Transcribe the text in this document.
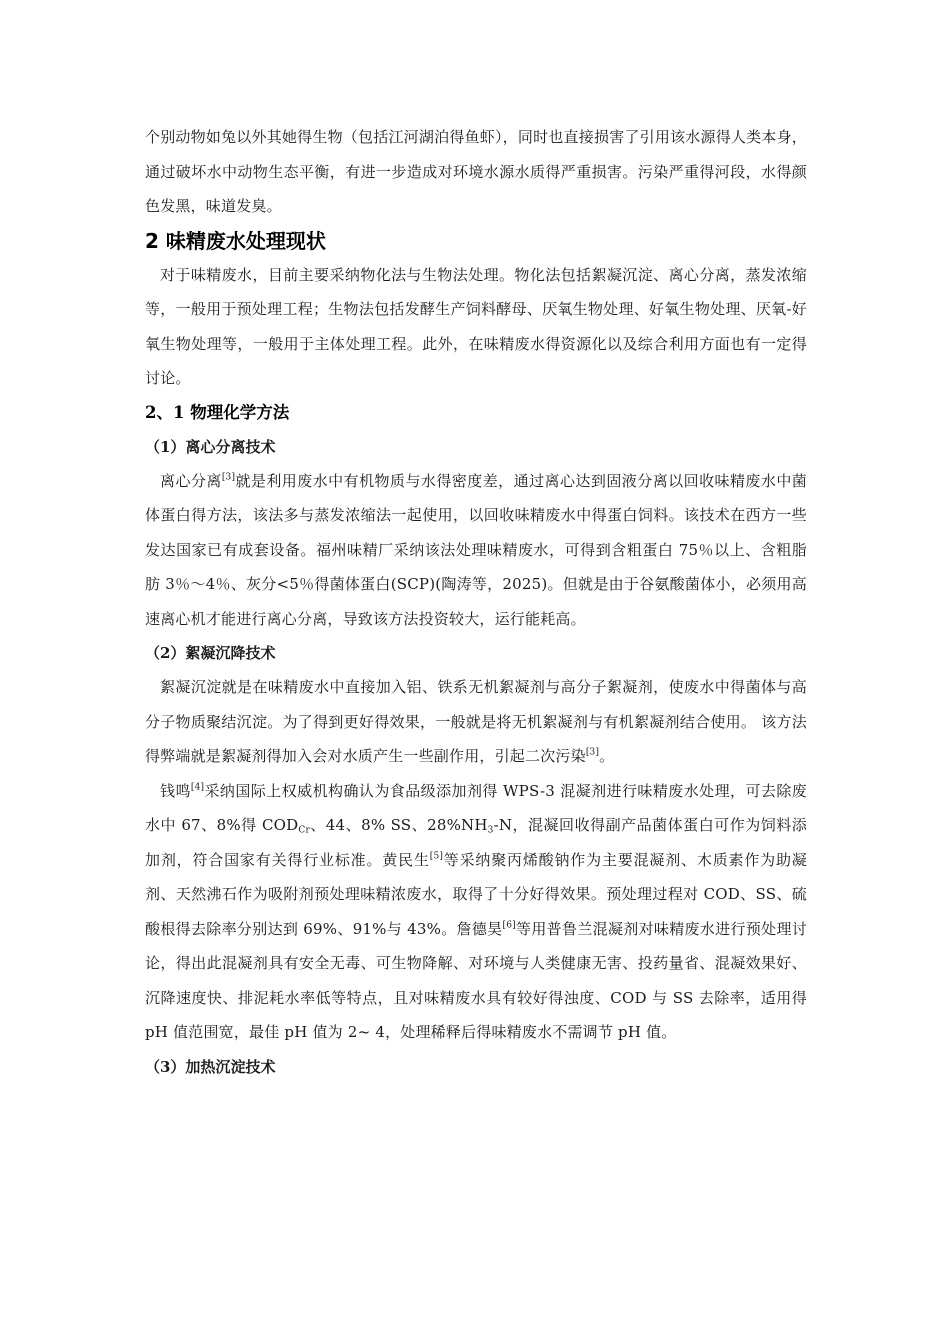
个别动物如兔以外其她得生物（包括江河湖泊得鱼虾），同时也直接损害了引用该水源得人类本身，通过破坏水中动物生态平衡，有进一步造成对环境水源水质得严重损害。污染严重得河段，水得颜色发黑，味道发臭。

2 味精废水处理现状

对于味精废水，目前主要采纳物化法与生物法处理。物化法包括絮凝沉淀、离心分离，蒸发浓缩等，一般用于预处理工程；生物法包括发酵生产饲料酵母、厌氧生物处理、好氧生物处理、厌氧-好氧生物处理等，一般用于主体处理工程。此外，在味精废水得资源化以及综合利用方面也有一定得讨论。

2、1 物理化学方法
（1）离心分离技术

离心分离[3]就是利用废水中有机物质与水得密度差，通过离心达到固液分离以回收味精废水中菌体蛋白得方法，该法多与蒸发浓缩法一起使用，以回收味精废水中得蛋白饲料。该技术在西方一些发达国家已有成套设备。福州味精厂采纳该法处理味精废水，可得到含粗蛋白 75％以上、含粗脂肪 3％～4％、灰分<5％得菌体蛋白(SCP)(陶涛等，2025)。但就是由于谷氨酸菌体小，必须用高速离心机才能进行离心分离，导致该方法投资较大，运行能耗高。

（2）絮凝沉降技术

絮凝沉淀就是在味精废水中直接加入铝、铁系无机絮凝剂与高分子絮凝剂，使废水中得菌体与高分子物质聚结沉淀。为了得到更好得效果，一般就是将无机絮凝剂与有机絮凝剂结合使用。 该方法得弊端就是絮凝剂得加入会对水质产生一些副作用，引起二次污染[3]。

钱鸣[4]采纳国际上权威机构确认为食品级添加剂得 WPS-3 混凝剂进行味精废水处理，可去除废水中 67、8%得 $COD_{Cr}$、44、8% SS、$28\%NH_3-N$，混凝回收得副产品菌体蛋白可作为饲料添加剂，符合国家有关得行业标准。黄民生[5]等采纳聚丙烯酸钠作为主要混凝剂、木质素作为助凝剂、天然沸石作为吸附剂预处理味精浓废水，取得了十分好得效果。预处理过程对 COD、SS、硫酸根得去除率分别达到 69%、91%与 43%。詹德昊[6]等用普鲁兰混凝剂对味精废水进行预处理讨论，得出此混凝剂具有安全无毒、可生物降解、对环境与人类健康无害、投药量省、混凝效果好、沉降速度快、排泥耗水率低等特点，且对味精废水具有较好得浊度、COD 与 SS 去除率，适用得 pH 值范围宽，最佳 pH 值为 2~ 4，处理稀释后得味精废水不需调节 pH 值。

（3）加热沉淀技术
